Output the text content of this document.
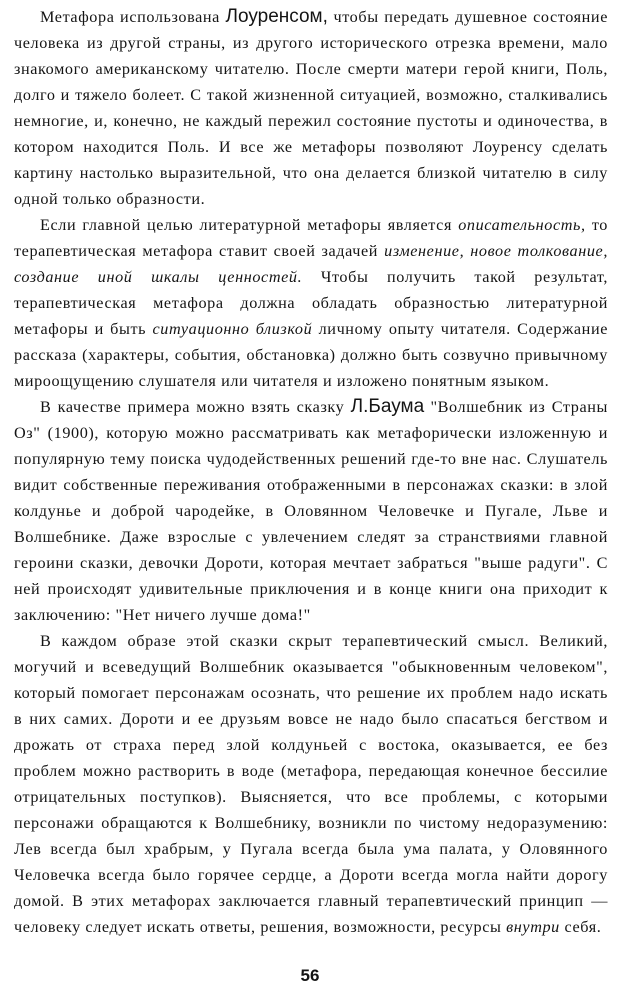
Метафора использована Лоуренсом, чтобы передать душевное состояние человека из другой страны, из другого исторического отрезка времени, мало знакомого американскому читателю. После смерти матери герой книги, Поль, долго и тяжело болеет. С такой жизненной ситуацией, возможно, сталкивались немногие, и, конечно, не каждый пережил состояние пустоты и одиночества, в котором находится Поль. И все же метафоры позволяют Лоуренсу сделать картину настолько выразительной, что она делается близкой читателю в силу одной только образности.

Если главной целью литературной метафоры является описательность, то терапевтическая метафора ставит своей задачей изменение, новое толкование, создание иной шкалы ценностей. Чтобы получить такой результат, терапевтическая метафора должна обладать образностью литературной метафоры и быть ситуационно близкой личному опыту читателя. Содержание рассказа (характеры, события, обстановка) должно быть созвучно привычному мироощущению слушателя или читателя и изложено понятным языком.

В качестве примера можно взять сказку Л.Баума "Волшебник из Страны Оз" (1900), которую можно рассматривать как метафорически изложенную и популярную тему поиска чудодейственных решений где-то вне нас. Слушатель видит собственные переживания отображенными в персонажах сказки: в злой колдунье и доброй чародейке, в Оловянном Человечке и Пугале, Льве и Волшебнике. Даже взрослые с увлечением следят за странствиями главной героини сказки, девочки Дороти, которая мечтает забраться "выше радуги". С ней происходят удивительные приключения и в конце книги она приходит к заключению: "Нет ничего лучше дома!"

В каждом образе этой сказки скрыт терапевтический смысл. Великий, могучий и всеведущий Волшебник оказывается "обыкновенным человеком", который помогает персонажам осознать, что решение их проблем надо искать в них самих. Дороти и ее друзьям вовсе не надо было спасаться бегством и дрожать от страха перед злой колдуньей с востока, оказывается, ее без проблем можно растворить в воде (метафора, передающая конечное бессилие отрицательных поступков). Выясняется, что все проблемы, с которыми персонажи обращаются к Волшебнику, возникли по чистому недоразумению: Лев всегда был храбрым, у Пугала всегда была ума палата, у Оловянного Человечка всегда было горячее сердце, а Дороти всегда могла найти дорогу домой. В этих метафорах заключается главный терапевтический принцип — человеку следует искать ответы, решения, возможности, ресурсы внутри себя.

56
